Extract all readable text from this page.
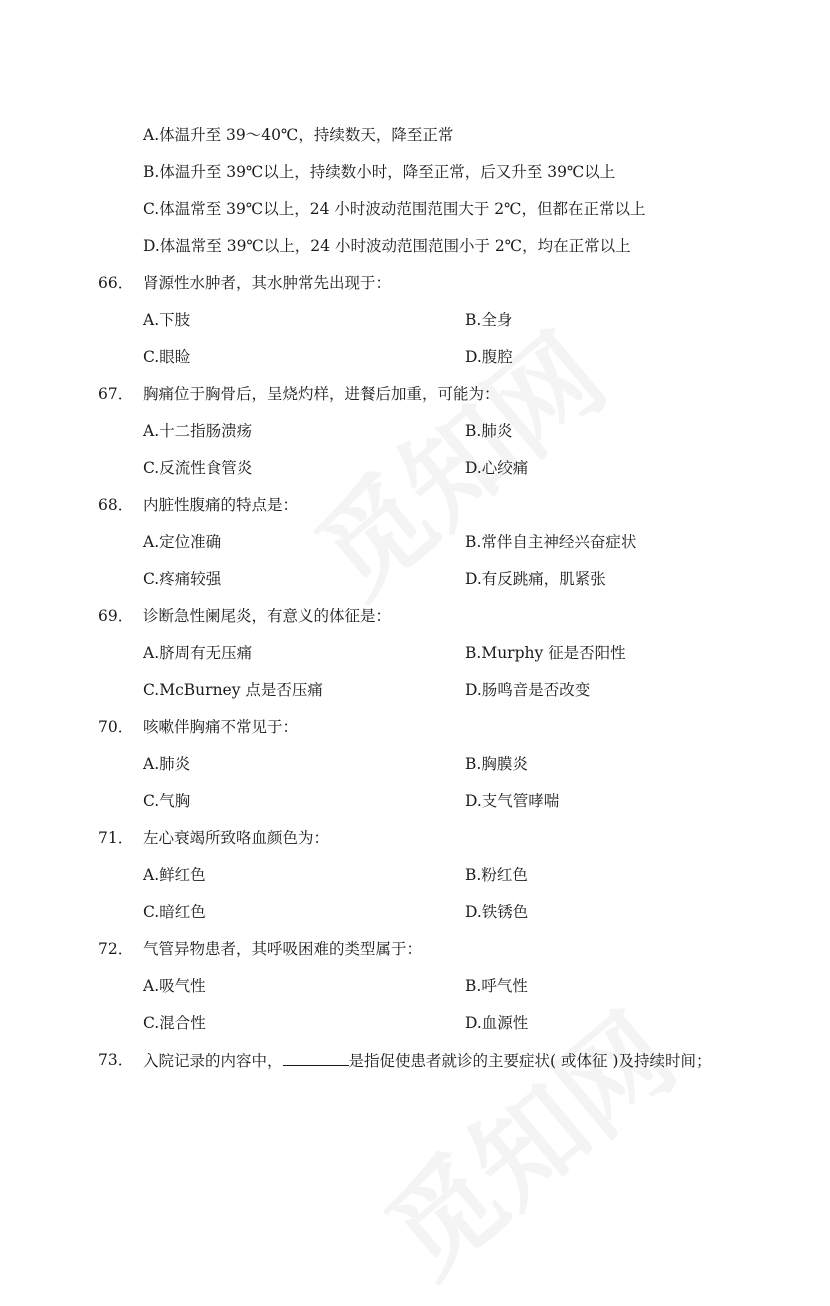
A.体温升至 39～40℃，持续数天，降至正常
B.体温升至 39℃以上，持续数小时，降至正常，后又升至 39℃以上
C.体温常至 39℃以上，24 小时波动范围范围大于 2℃，但都在正常以上
D.体温常至 39℃以上，24 小时波动范围范围小于 2℃，均在正常以上
66． 肾源性水肿者，其水肿常先出现于：
A.下肢	B.全身
C.眼睑	D.腹腔
67． 胸痛位于胸骨后，呈烧灼样，进餐后加重，可能为：
A.十二指肠溃疡	B.肺炎
C.反流性食管炎	D.心绞痛
68． 内脏性腹痛的特点是：
A.定位准确	B.常伴自主神经兴奋症状
C.疼痛较强	D.有反跳痛，肌紧张
69． 诊断急性阑尾炎，有意义的体征是：
A.脐周有无压痛	B.Murphy 征是否阳性
C.McBurney 点是否压痛	D.肠鸣音是否改变
70． 咳嗽伴胸痛不常见于：
A.肺炎	B.胸膜炎
C.气胸	D.支气管哮喘
71． 左心衰竭所致咯血颜色为：
A.鲜红色	B.粉红色
C.暗红色	D.铁锈色
72． 气管异物患者，其呼吸困难的类型属于：
A.吸气性	B.呼气性
C.混合性	D.血源性
73． 入院记录的内容中，	是指促使患者就诊的主要症状( 或体征 )及持续时间；
